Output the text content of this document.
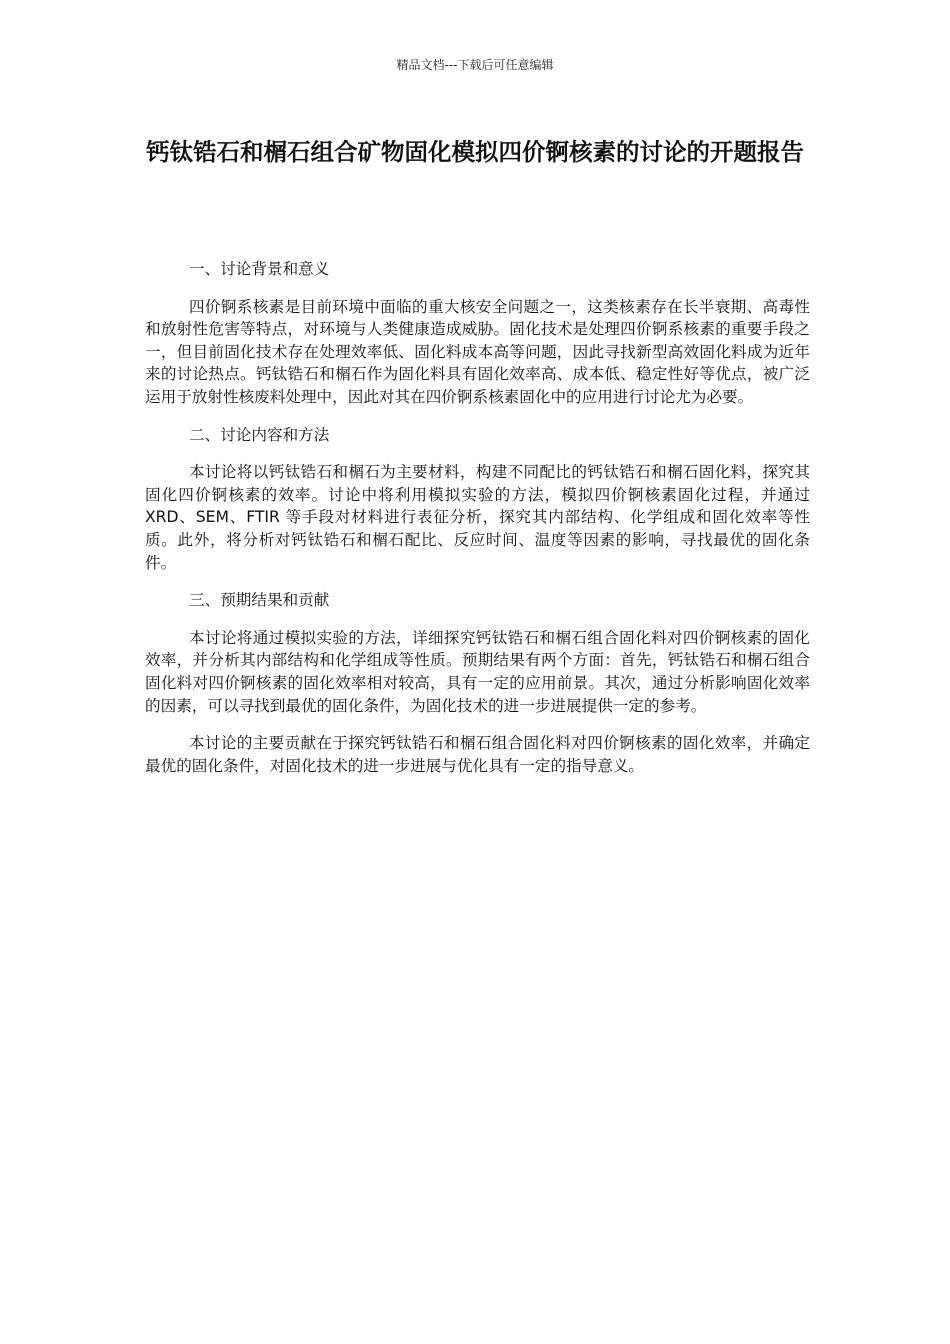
精品文档---下载后可任意编辑
钙钛锆石和榍石组合矿物固化模拟四价锕核素的讨论的开题报告

一、讨论背景和意义

四价锕系核素是目前环境中面临的重大核安全问题之一，这类核素存在长半衰期、高毒性和放射性危害等特点，对环境与人类健康造成威胁。固化技术是处理四价锕系核素的重要手段之一，但目前固化技术存在处理效率低、固化料成本高等问题，因此寻找新型高效固化料成为近年来的讨论热点。钙钛锆石和榍石作为固化料具有固化效率高、成本低、稳定性好等优点，被广泛运用于放射性核废料处理中，因此对其在四价锕系核素固化中的应用进行讨论尤为必要。

二、讨论内容和方法

本讨论将以钙钛锆石和榍石为主要材料，构建不同配比的钙钛锆石和榍石固化料，探究其固化四价锕核素的效率。讨论中将利用模拟实验的方法，模拟四价锕核素固化过程，并通过 XRD、SEM、FTIR 等手段对材料进行表征分析，探究其内部结构、化学组成和固化效率等性质。此外，将分析对钙钛锆石和榍石配比、反应时间、温度等因素的影响，寻找最优的固化条件。

三、预期结果和贡献

本讨论将通过模拟实验的方法，详细探究钙钛锆石和榍石组合固化料对四价锕核素的固化效率，并分析其内部结构和化学组成等性质。预期结果有两个方面：首先，钙钛锆石和榍石组合固化料对四价锕核素的固化效率相对较高，具有一定的应用前景。其次，通过分析影响固化效率的因素，可以寻找到最优的固化条件，为固化技术的进一步进展提供一定的参考。

本讨论的主要贡献在于探究钙钛锆石和榍石组合固化料对四价锕核素的固化效率，并确定最优的固化条件，对固化技术的进一步进展与优化具有一定的指导意义。
